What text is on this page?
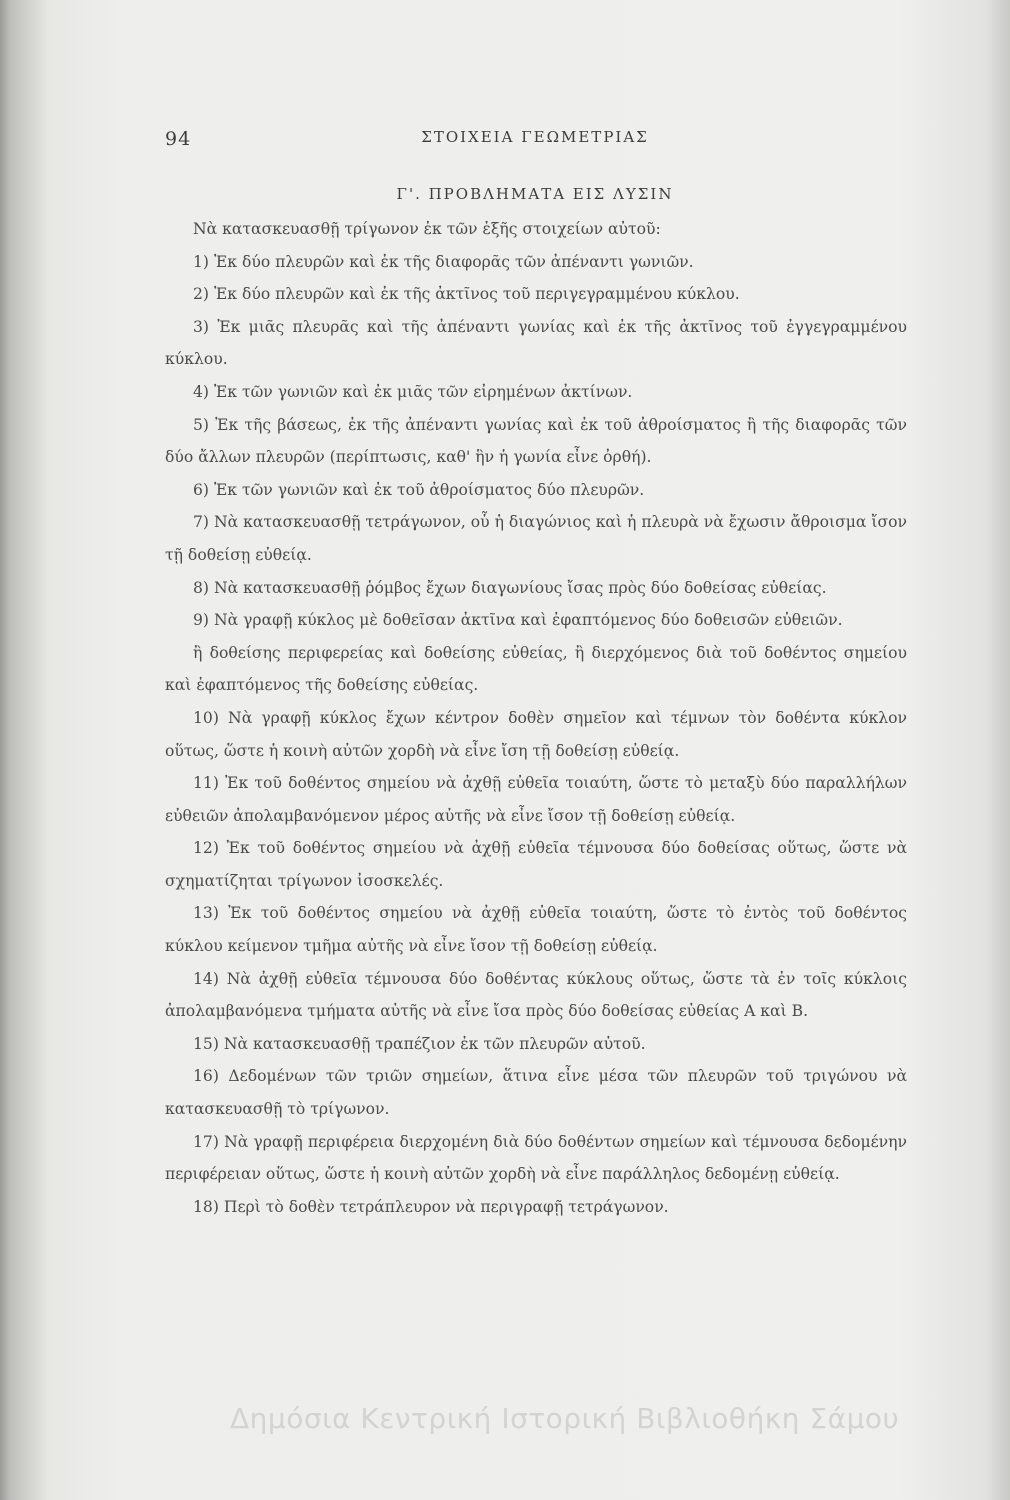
94	ΣΤΟΙΧΕΙΑ ΓΕΩΜΕΤΡΙΑΣ
Γ'. ΠΡΟΒΛΗΜΑΤΑ ΕΙΣ ΛΥΣΙΝ

Νὰ κατασκευασθῇ τρίγωνον ἐκ τῶν ἑξῆς στοιχείων αὐτοῦ:

1) Ἐκ δύο πλευρῶν καὶ ἐκ τῆς διαφορᾶς τῶν ἀπέναντι γωνιῶν.

2) Ἐκ δύο πλευρῶν καὶ ἐκ τῆς ἀκτῖνος τοῦ περιγεγραμμένου κύκλου.

3) Ἐκ μιᾶς πλευρᾶς καὶ τῆς ἀπέναντι γωνίας καὶ ἐκ τῆς ἀκτῖνος τοῦ ἐγγεγραμμένου κύκλου.

4) Ἐκ τῶν γωνιῶν καὶ ἐκ μιᾶς τῶν εἰρημένων ἀκτίνων.

5) Ἐκ τῆς βάσεως, ἐκ τῆς ἀπέναντι γωνίας καὶ ἐκ τοῦ ἀθροίσματος ἢ τῆς διαφορᾶς τῶν δύο ἄλλων πλευρῶν (περίπτωσις, καθ' ἣν ἡ γωνία εἶνε ὀρθή).

6) Ἐκ τῶν γωνιῶν καὶ ἐκ τοῦ ἀθροίσματος δύο πλευρῶν.

7) Νὰ κατασκευασθῇ τετράγωνον, οὗ ἡ διαγώνιος καὶ ἡ πλευρὰ νὰ ἔχωσιν ἄθροισμα ἴσον τῇ δοθείσῃ εὐθείᾳ.

8) Νὰ κατασκευασθῇ ῥόμβος ἔχων διαγωνίους ἴσας πρὸς δύο δοθείσας εὐθείας.

9) Νὰ γραφῇ κύκλος μὲ δοθεῖσαν ἀκτῖνα καὶ ἐφαπτόμενος δύο δοθεισῶν εὐθειῶν.

ἢ δοθείσης περιφερείας καὶ δοθείσης εὐθείας, ἢ διερχόμενος διὰ τοῦ δοθέντος σημείου καὶ ἐφαπτόμενος τῆς δοθείσης εὐθείας.

10) Νὰ γραφῇ κύκλος ἔχων κέντρον δοθὲν σημεῖον καὶ τέμνων τὸν δοθέντα κύκλον οὕτως, ὥστε ἡ κοινὴ αὐτῶν χορδὴ νὰ εἶνε ἴση τῇ δοθείσῃ εὐθείᾳ.

11) Ἐκ τοῦ δοθέντος σημείου νὰ ἀχθῇ εὐθεῖα τοιαύτη, ὥστε τὸ μεταξὺ δύο παραλλήλων εὐθειῶν ἀπολαμβανόμενον μέρος αὐτῆς νὰ εἶνε ἴσον τῇ δοθείσῃ εὐθείᾳ.

12) Ἐκ τοῦ δοθέντος σημείου νὰ ἀχθῇ εὐθεῖα τέμνουσα δύο δοθείσας οὕτως, ὥστε νὰ σχηματίζηται τρίγωνον ἰσοσκελές.

13) Ἐκ τοῦ δοθέντος σημείου νὰ ἀχθῇ εὐθεῖα τοιαύτη, ὥστε τὸ ἐντὸς τοῦ δοθέντος κύκλου κείμενον τμῆμα αὐτῆς νὰ εἶνε ἴσον τῇ δοθείσῃ εὐθείᾳ.

14) Νὰ ἀχθῇ εὐθεῖα τέμνουσα δύο δοθέντας κύκλους οὕτως, ὥστε τὰ ἐν τοῖς κύκλοις ἀπολαμβανόμενα τμήματα αὐτῆς νὰ εἶνε ἴσα πρὸς δύο δοθείσας εὐθείας Α καὶ Β.

15) Νὰ κατασκευασθῇ τραπέζιον ἐκ τῶν πλευρῶν αὐτοῦ.

16) Δεδομένων τῶν τριῶν σημείων, ἅτινα εἶνε μέσα τῶν πλευρῶν τοῦ τριγώνου νὰ κατασκευασθῇ τὸ τρίγωνον.

17) Νὰ γραφῇ περιφέρεια διερχομένη διὰ δύο δοθέντων σημείων καὶ τέμνουσα δεδομένην περιφέρειαν οὕτως, ὥστε ἡ κοινὴ αὐτῶν χορδὴ νὰ εἶνε παράλληλος δεδομένῃ εὐθείᾳ.

18) Περὶ τὸ δοθὲν τετράπλευρον νὰ περιγραφῇ τετράγωνον.

Δημόσια Κεντρική Ιστορική Βιβλιοθήκη Σάμου
